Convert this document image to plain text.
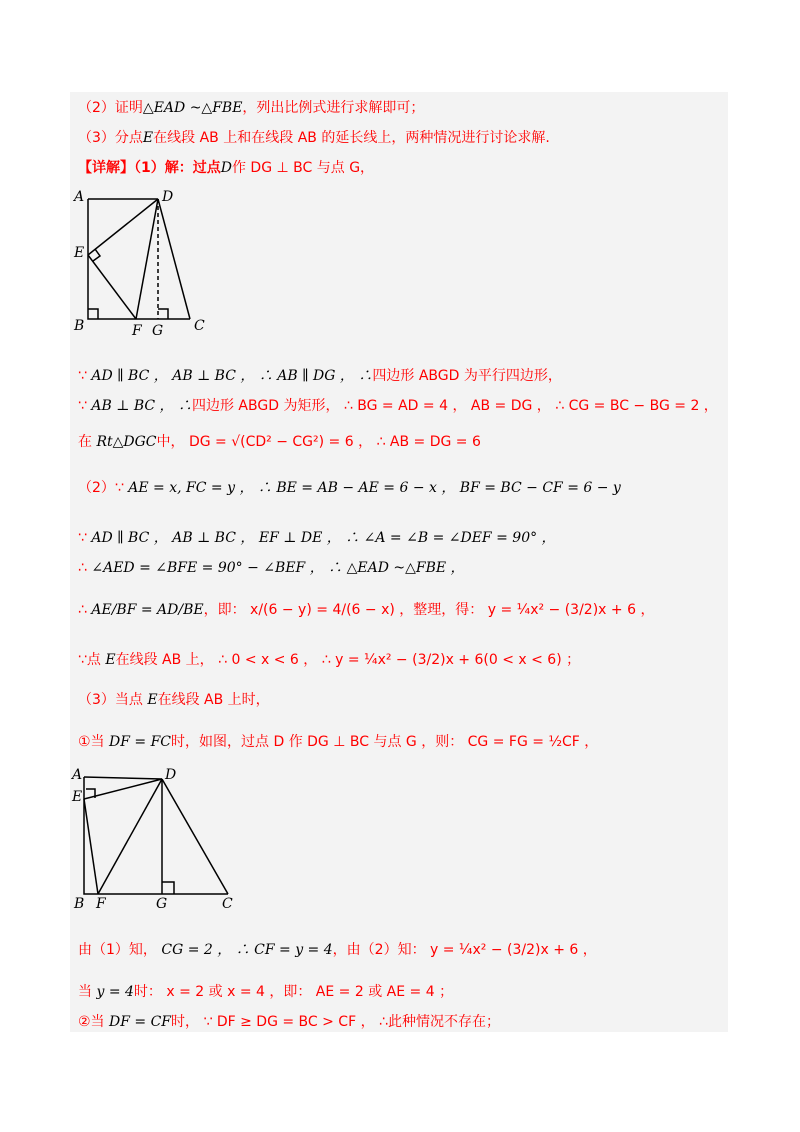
（2）证明△EAD ~△FBE，列出比例式进行求解即可；
（3）分点E在线段 AB 上和在线段 AB 的延长线上，两种情况进行讨论求解.
【详解】（1）解：过点D作 DG ⊥ BC 与点 G，
A	D
E
B	F G C
∵ AD ∥ BC ， AB ⊥ BC ， ∴ AB ∥ DG ， ∴四边形 ABGD 为平行四边形，
∵ AB ⊥ BC ， ∴四边形 ABGD 为矩形， ∴ BG = AD = 4 ， AB = DG ， ∴ CG = BC − BG = 2 ，
在 Rt△DGC中， DG = √(CD² − CG²) = 6 ， ∴ AB = DG = 6
（2）∵ AE = x, FC = y ， ∴ BE = AB − AE = 6 − x ， BF = BC − CF = 6 − y
∵ AD ∥ BC ， AB ⊥ BC ， EF ⊥ DE ， ∴ ∠A = ∠B = ∠DEF = 90° ，
∴ ∠AED = ∠BFE = 90° − ∠BEF ， ∴ △EAD ~△FBE ，
∴ AE/BF = AD/BE，即： x/(6 − y) = 4/(6 − x) ，整理，得： y = ¼x² − (3/2)x + 6 ，
∵点 E在线段 AB 上， ∴ 0 < x < 6 ， ∴ y = ¼x² − (3/2)x + 6(0 < x < 6) ；
（3）当点 E在线段 AB 上时，
①当 DF = FC时，如图，过点 D 作 DG ⊥ BC 与点 G ，则： CG = FG = ½CF ，
A	D
E
B F	G	C
由（1）知， CG = 2 ， ∴ CF = y = 4，由（2）知： y = ¼x² − (3/2)x + 6 ，
当 y = 4时： x = 2 或 x = 4 ，即： AE = 2 或 AE = 4 ；
②当 DF = CF时， ∵ DF ≥ DG = BC > CF ， ∴此种情况不存在；
